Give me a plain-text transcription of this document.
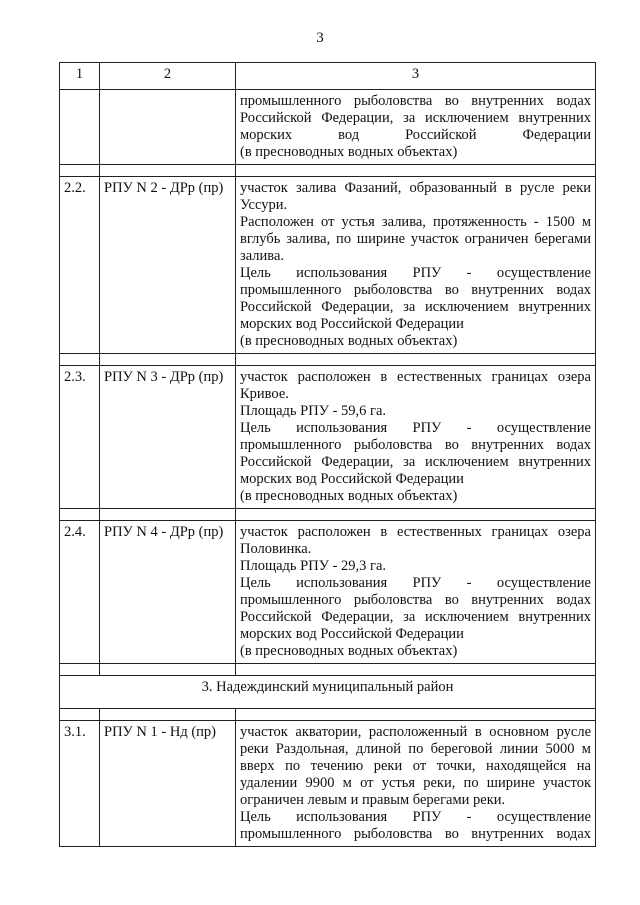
3
1	2	3

		промышленного рыболовства во внутренних водах

Российской Федерации, за исключением внутренних

морских вод Российской Федерации

(в пресноводных водных объектах)

2.2.	РПУ N 2 - ДРр (пр)	участок залива Фазаний, образованный в русле реки Уссури.

Расположен от устья залива, протяженность - 1500 м вглубь залива, по ширине участок ограничен берегами залива.

Цель использования РПУ - осуществление промышленного рыболовства во внутренних водах Российской Федерации, за исключением внутренних морских вод Российской Федерации

(в пресноводных водных объектах)

2.3.	РПУ N 3 - ДРр (пр)	участок расположен в естественных границах озера Кривое.

Площадь РПУ - 59,6 га.

Цель использования РПУ - осуществление промышленного рыболовства во внутренних водах Российской Федерации, за исключением внутренних морских вод Российской Федерации

(в пресноводных водных объектах)

2.4.	РПУ N 4 - ДРр (пр)	участок расположен в естественных границах озера Половинка.

Площадь РПУ - 29,3 га.

Цель использования РПУ - осуществление промышленного рыболовства во внутренних водах Российской Федерации, за исключением внутренних морских вод Российской Федерации

(в пресноводных водных объектах)

3. Надеждинский муниципальный район		

3.1.	РПУ N 1 - Нд (пр)	участок акватории, расположенный в основном русле реки Раздольная, длиной по береговой линии 5000 м вверх по течению реки от точки, находящейся на удалении 9900 м от устья реки, по ширине участок ограничен левым и правым берегами реки.

Цель использования РПУ - осуществление промышленного рыболовства во внутренних водах
